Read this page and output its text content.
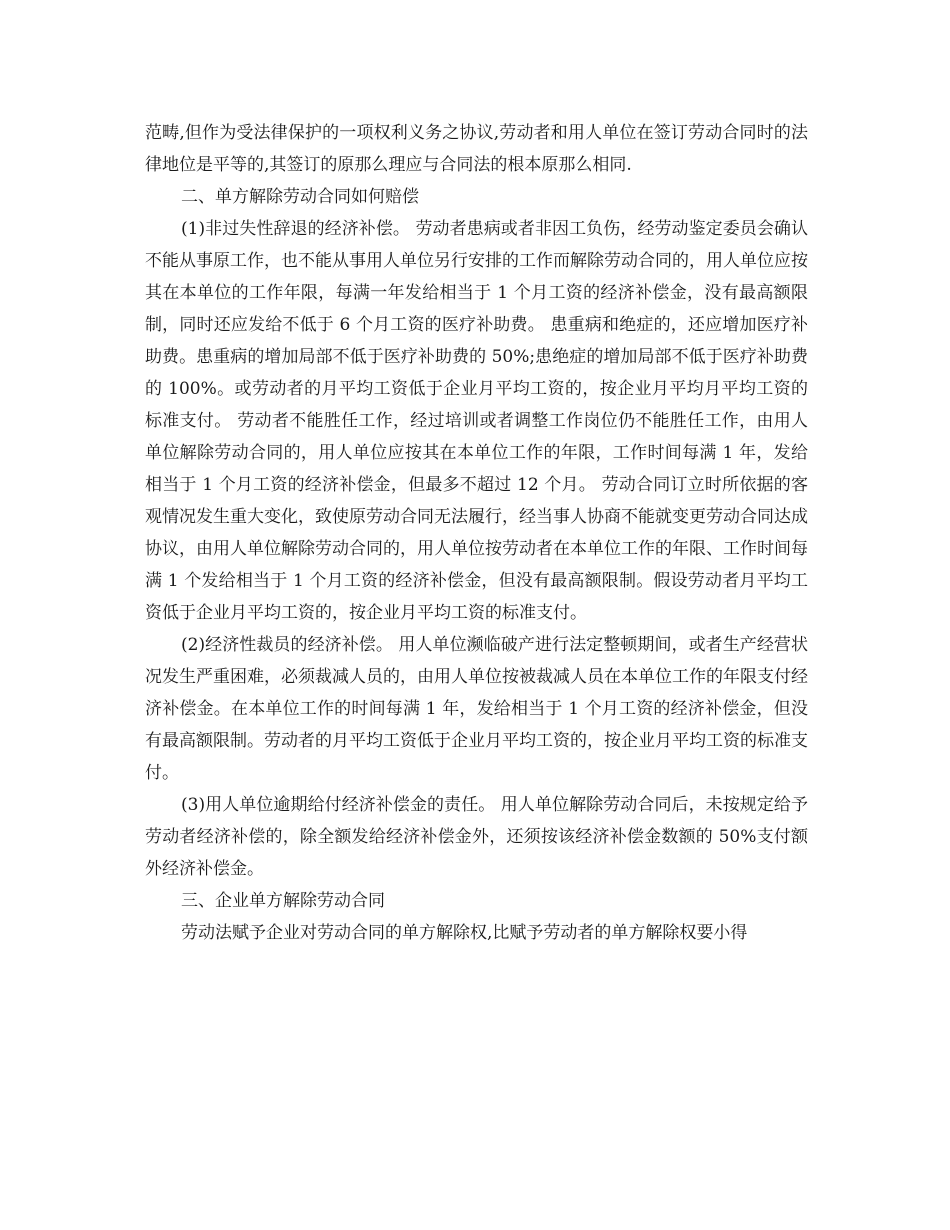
范畴,但作为受法律保护的一项权利义务之协议,劳动者和用人单位在签订劳动合同时的法律地位是平等的,其签订的原那么理应与合同法的根本原那么相同.

二、单方解除劳动合同如何赔偿

(1)非过失性辞退的经济补偿。 劳动者患病或者非因工负伤，经劳动鉴定委员会确认不能从事原工作，也不能从事用人单位另行安排的工作而解除劳动合同的，用人单位应按其在本单位的工作年限，每满一年发给相当于 1 个月工资的经济补偿金，没有最高额限制，同时还应发给不低于 6 个月工资的医疗补助费。 患重病和绝症的，还应增加医疗补助费。患重病的增加局部不低于医疗补助费的 50%;患绝症的增加局部不低于医疗补助费的 100%。或劳动者的月平均工资低于企业月平均工资的，按企业月平均月平均工资的标准支付。 劳动者不能胜任工作，经过培训或者调整工作岗位仍不能胜任工作，由用人单位解除劳动合同的，用人单位应按其在本单位工作的年限，工作时间每满 1 年，发给相当于 1 个月工资的经济补偿金，但最多不超过 12 个月。 劳动合同订立时所依据的客观情况发生重大变化，致使原劳动合同无法履行，经当事人协商不能就变更劳动合同达成协议，由用人单位解除劳动合同的，用人单位按劳动者在本单位工作的年限、工作时间每满 1 个发给相当于 1 个月工资的经济补偿金，但没有最高额限制。假设劳动者月平均工资低于企业月平均工资的，按企业月平均工资的标准支付。

(2)经济性裁员的经济补偿。 用人单位濒临破产进行法定整顿期间，或者生产经营状况发生严重困难，必须裁减人员的，由用人单位按被裁减人员在本单位工作的年限支付经济补偿金。在本单位工作的时间每满 1 年，发给相当于 1 个月工资的经济补偿金，但没有最高额限制。劳动者的月平均工资低于企业月平均工资的，按企业月平均工资的标准支付。

(3)用人单位逾期给付经济补偿金的责任。 用人单位解除劳动合同后，未按规定给予劳动者经济补偿的，除全额发给经济补偿金外，还须按该经济补偿金数额的 50%支付额外经济补偿金。

三、企业单方解除劳动合同

劳动法赋予企业对劳动合同的单方解除权,比赋予劳动者的单方解除权要小得
